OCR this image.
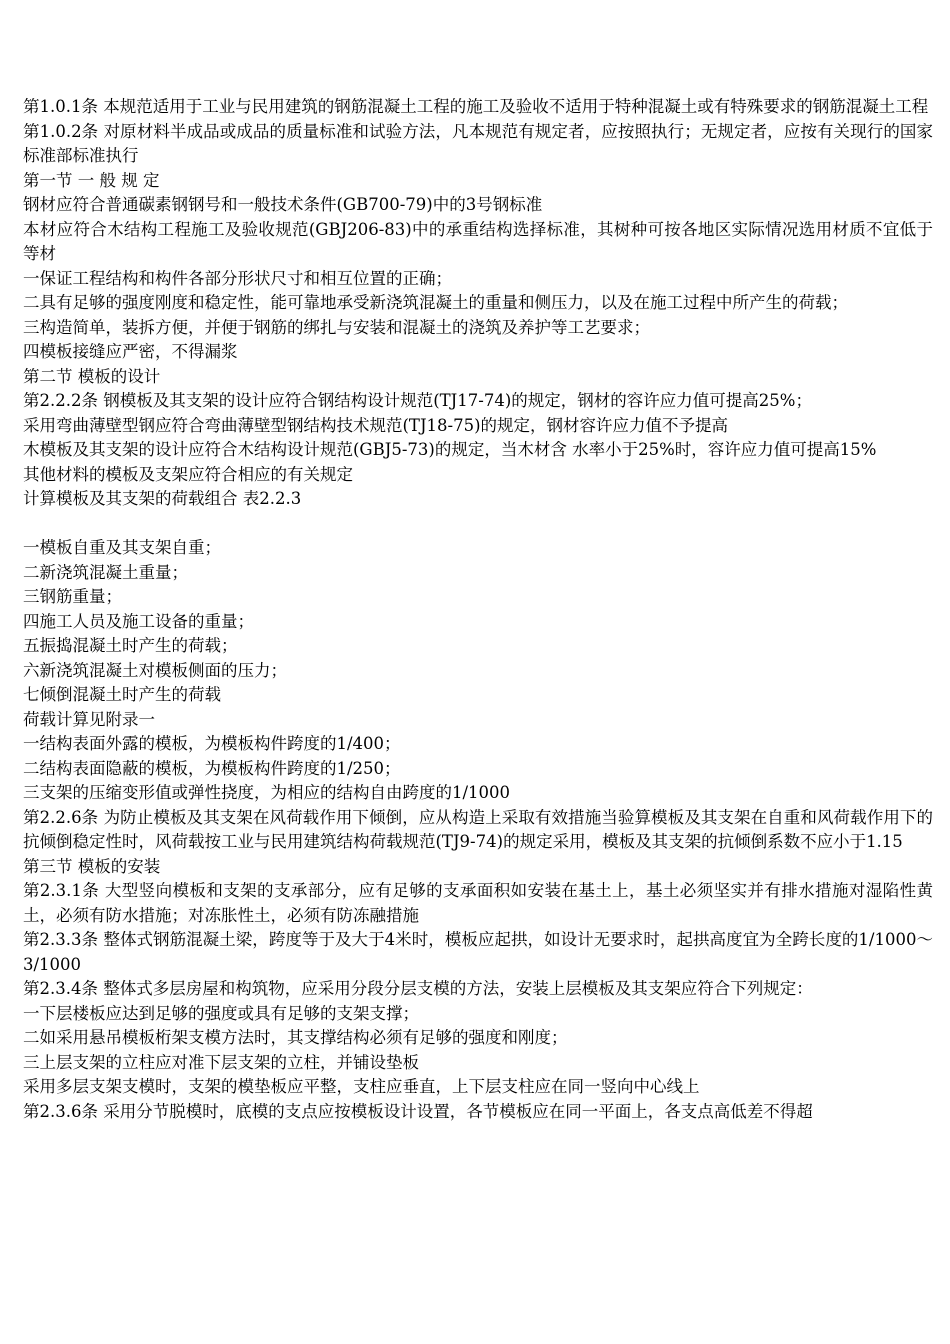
第1.0.1条 本规范适用于工业与民用建筑的钢筋混凝土工程的施工及验收不适用于特种混凝土或有特殊要求的钢筋混凝土工程
第1.0.2条 对原材料半成品或成品的质量标准和试验方法，凡本规范有规定者，应按照执行；无规定者，应按有关现行的国家标准部标准执行
第一节 一 般 规 定
钢材应符合普通碳素钢钢号和一般技术条件(GB700-79)中的3号钢标准
本材应符合木结构工程施工及验收规范(GBJ206-83)中的承重结构选择标准，其树种可按各地区实际情况选用材质不宜低于等材
一保证工程结构和构件各部分形状尺寸和相互位置的正确；
二具有足够的强度刚度和稳定性，能可靠地承受新浇筑混凝土的重量和侧压力，以及在施工过程中所产生的荷载；
三构造简单，装拆方便，并便于钢筋的绑扎与安装和混凝土的浇筑及养护等工艺要求；
四模板接缝应严密，不得漏浆
第二节 模板的设计
第2.2.2条 钢模板及其支架的设计应符合钢结构设计规范(TJ17-74)的规定，钢材的容许应力值可提高25%；
采用弯曲薄壁型钢应符合弯曲薄壁型钢结构技术规范(TJ18-75)的规定，钢材容许应力值不予提高
木模板及其支架的设计应符合木结构设计规范(GBJ5-73)的规定，当木材含 水率小于25%时，容许应力值可提高15%
其他材料的模板及支架应符合相应的有关规定
计算模板及其支架的荷载组合 表2.2.3
一模板自重及其支架自重；
二新浇筑混凝土重量；
三钢筋重量；
四施工人员及施工设备的重量；
五振捣混凝土时产生的荷载；
六新浇筑混凝土对模板侧面的压力；
七倾倒混凝土时产生的荷载
荷载计算见附录一
一结构表面外露的模板，为模板构件跨度的1/400；
二结构表面隐蔽的模板，为模板构件跨度的1/250；
三支架的压缩变形值或弹性挠度，为相应的结构自由跨度的1/1000
第2.2.6条 为防止模板及其支架在风荷载作用下倾倒，应从构造上采取有效措施当验算模板及其支架在自重和风荷载作用下的抗倾倒稳定性时，风荷载按工业与民用建筑结构荷载规范(TJ9-74)的规定采用，模板及其支架的抗倾倒系数不应小于1.15
第三节 模板的安装
第2.3.1条 大型竖向模板和支架的支承部分，应有足够的支承面积如安装在基土上，基土必须坚实并有排水措施对湿陷性黄土，必须有防水措施；对冻胀性土，必须有防冻融措施
第2.3.3条 整体式钢筋混凝土梁，跨度等于及大于4米时，模板应起拱，如设计无要求时，起拱高度宜为全跨长度的1/1000～3/1000
第2.3.4条 整体式多层房屋和构筑物，应采用分段分层支模的方法，安装上层模板及其支架应符合下列规定：
一下层楼板应达到足够的强度或具有足够的支架支撑；
二如采用悬吊模板桁架支模方法时，其支撑结构必须有足够的强度和刚度；
三上层支架的立柱应对准下层支架的立柱，并铺设垫板
采用多层支架支模时，支架的模垫板应平整，支柱应垂直，上下层支柱应在同一竖向中心线上
第2.3.6条 采用分节脱模时，底模的支点应按模板设计设置，各节模板应在同一平面上，各支点高低差不得超
